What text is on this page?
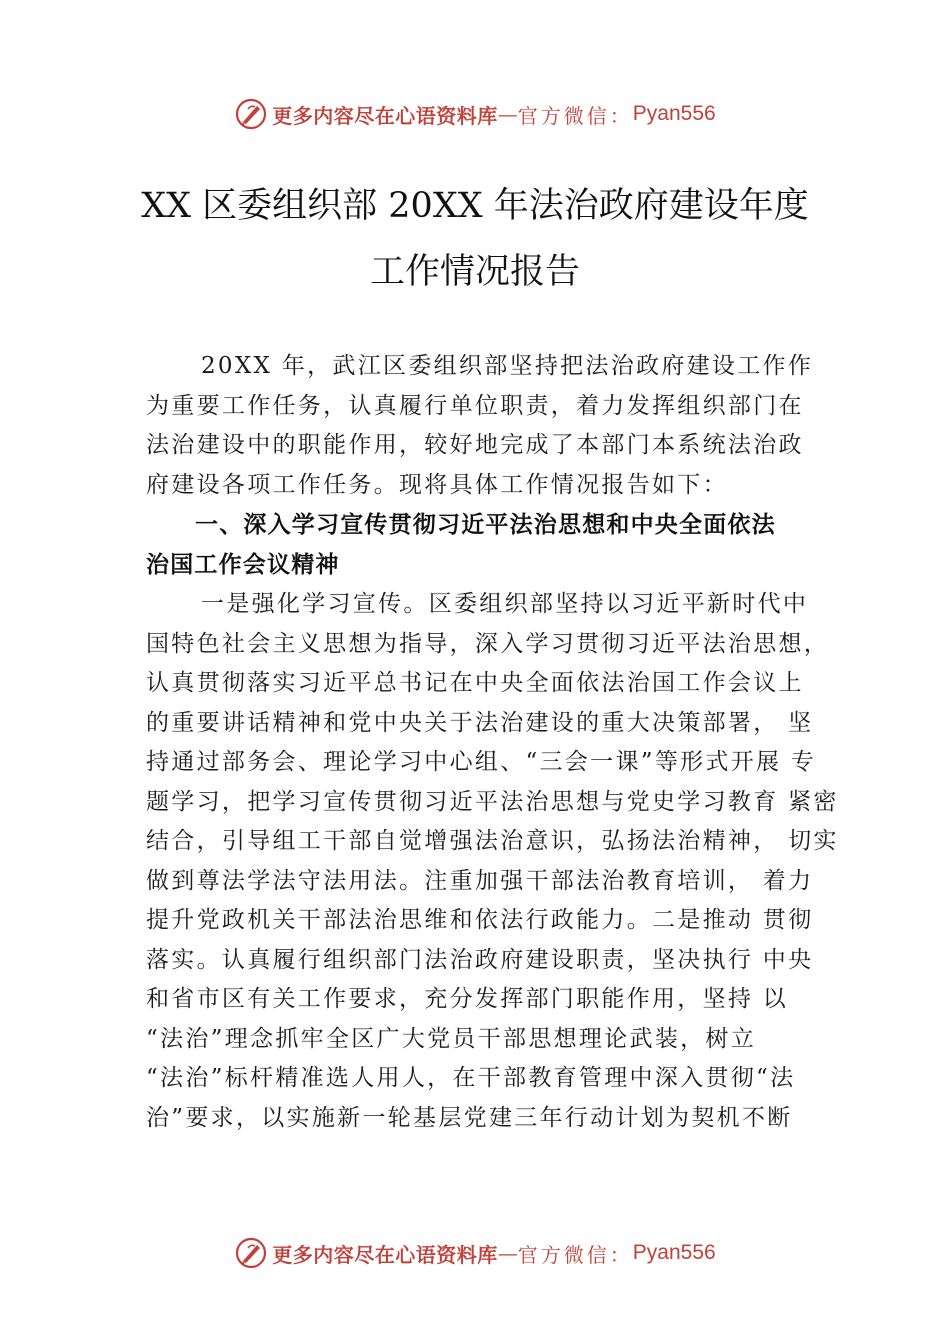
更多内容尽在心语资料库 — 官方微信： Pyan556
XX 区委组织部 20XX 年法治政府建设年度
工作情况报告
20XX 年，武江区委组织部坚持把法治政府建设工作作
为重要工作任务，认真履行单位职责，着力发挥组织部门在
法治建设中的职能作用，较好地完成了本部门本系统法治政
府建设各项工作任务。现将具体工作情况报告如下：
一、深入学习宣传贯彻习近平法治思想和中央全面依法
治国工作会议精神
一是强化学习宣传。区委组织部坚持以习近平新时代中
国特色社会主义思想为指导，深入学习贯彻习近平法治思想，
认真贯彻落实习近平总书记在中央全面依法治国工作会议上
的重要讲话精神和党中央关于法治建设的重大决策部署， 坚
持通过部务会、理论学习中心组、“三会一课”等形式开展 专
题学习，把学习宣传贯彻习近平法治思想与党史学习教育 紧密
结合，引导组工干部自觉增强法治意识，弘扬法治精神， 切实
做到尊法学法守法用法。注重加强干部法治教育培训， 着力
提升党政机关干部法治思维和依法行政能力。二是推动 贯彻
落实。认真履行组织部门法治政府建设职责，坚决执行 中央
和省市区有关工作要求，充分发挥部门职能作用，坚持 以
“法治”理念抓牢全区广大党员干部思想理论武装，树立
“法治”标杆精准选人用人，在干部教育管理中深入贯彻“法
治”要求，以实施新一轮基层党建三年行动计划为契机不断
更多内容尽在心语资料库 — 官方微信： Pyan556
